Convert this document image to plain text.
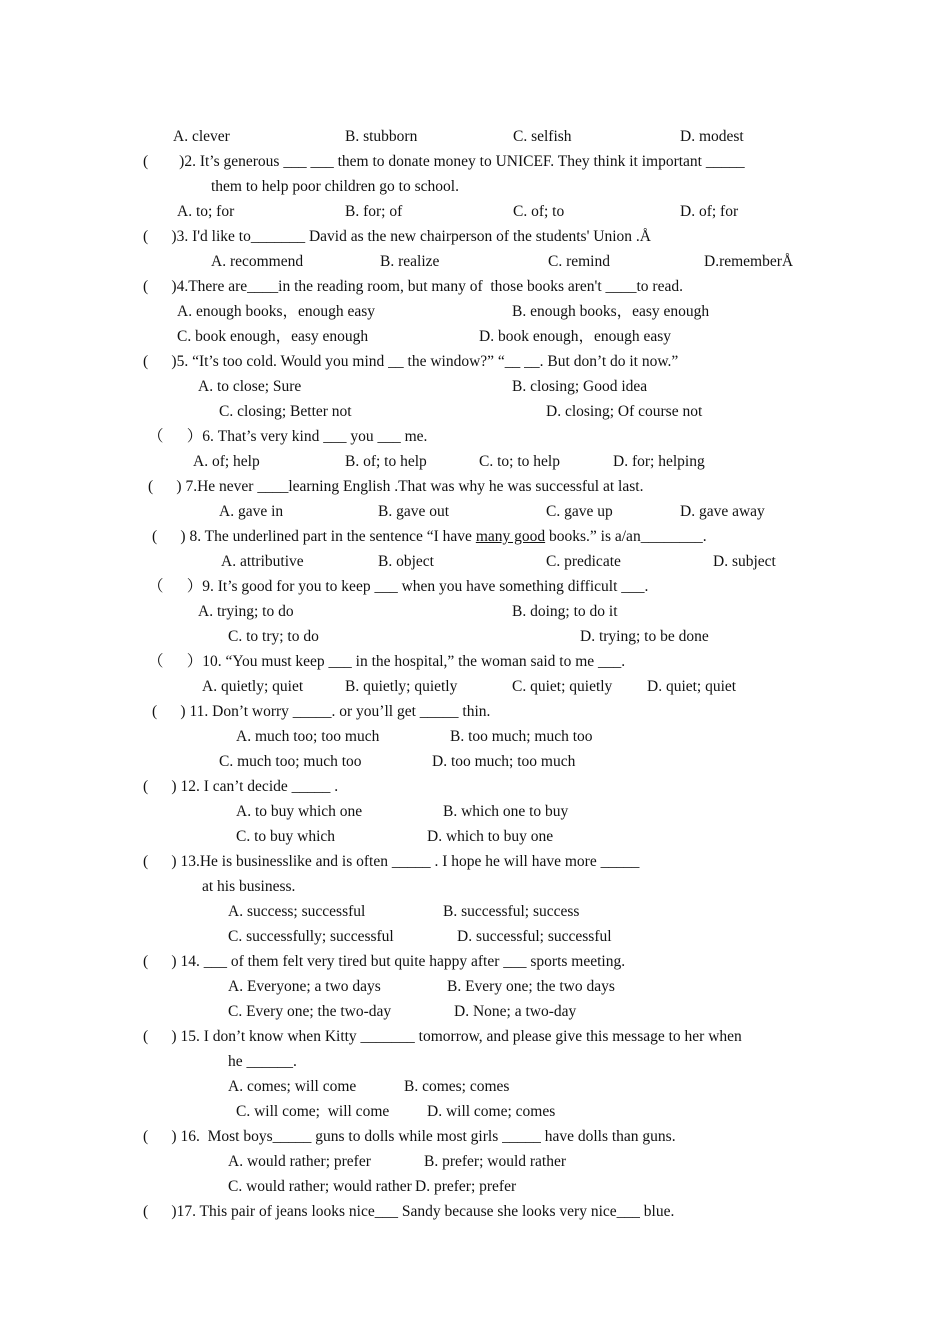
A. clever	B. stubborn	C. selfish	D. modest
(        )2. It’s generous ___ ___ them to donate money to UNICEF. They think it important _____
them to help poor children go to school.
A. to; for	B. for; of	C. of; to	D. of; for
(      )3. I'd like to_______ David as the new chairperson of the students' Union .Å
A. recommend	B. realize	C. remind	D.rememberÅ
(      )4.There are____in the reading room, but many of  those books aren't ____to read.
A. enough books，enough easy	B. enough books，easy enough
C. book enough，easy enough	D. book enough，enough easy
(      )5. “It’s too cold. Would you mind __ the window?” “__ __. But don’t do it now.”
A. to close; Sure	B. closing; Good idea
C. closing; Better not	D. closing; Of course not
（      ）6. That’s very kind ___ you ___ me.
A. of; help	B. of; to help	C. to; to help	D. for; helping
(      ) 7.He never ____learning English .That was why he was successful at last.
A. gave in	B. gave out	C. gave up	D. gave away
(      ) 8. The underlined part in the sentence “I have many good books.” is a/an________.
A. attributive	B. object	C. predicate	D. subject
（      ）9. It’s good for you to keep ___ when you have something difficult ___.
A. trying; to do	B. doing; to do it
C. to try; to do	D. trying; to be done
（      ）10. “You must keep ___ in the hospital,” the woman said to me ___.
A. quietly; quiet	B. quietly; quietly	C. quiet; quietly D. quiet; quiet
(      ) 11. Don’t worry _____. or you’ll get _____ thin.
A. much too; too much	B. too much; much too
C. much too; much too	D. too much; too much
(      ) 12. I can’t decide _____ .
A. to buy which one	B. which one to buy
C. to buy which	D. which to buy one
(      ) 13.He is businesslike and is often _____ . I hope he will have more _____
at his business.
A. success; successful	B. successful; success
C. successfully; successful	D. successful; successful
(      ) 14. ___ of them felt very tired but quite happy after ___ sports meeting.
A. Everyone; a two days	B. Every one; the two days
C. Every one; the two-day	D. None; a two-day
(      ) 15. I don’t know when Kitty _______ tomorrow, and please give this message to her when
he ______.
A. comes; will come	B. comes; comes
C. will come;  will come D. will come; comes
(      ) 16.  Most boys_____ guns to dolls while most girls _____ have dolls than guns.
A. would rather; prefer	B. prefer; would rather
C. would rather; would rather D. prefer; prefer
(      )17. This pair of jeans looks nice___ Sandy because she looks very nice___ blue.
